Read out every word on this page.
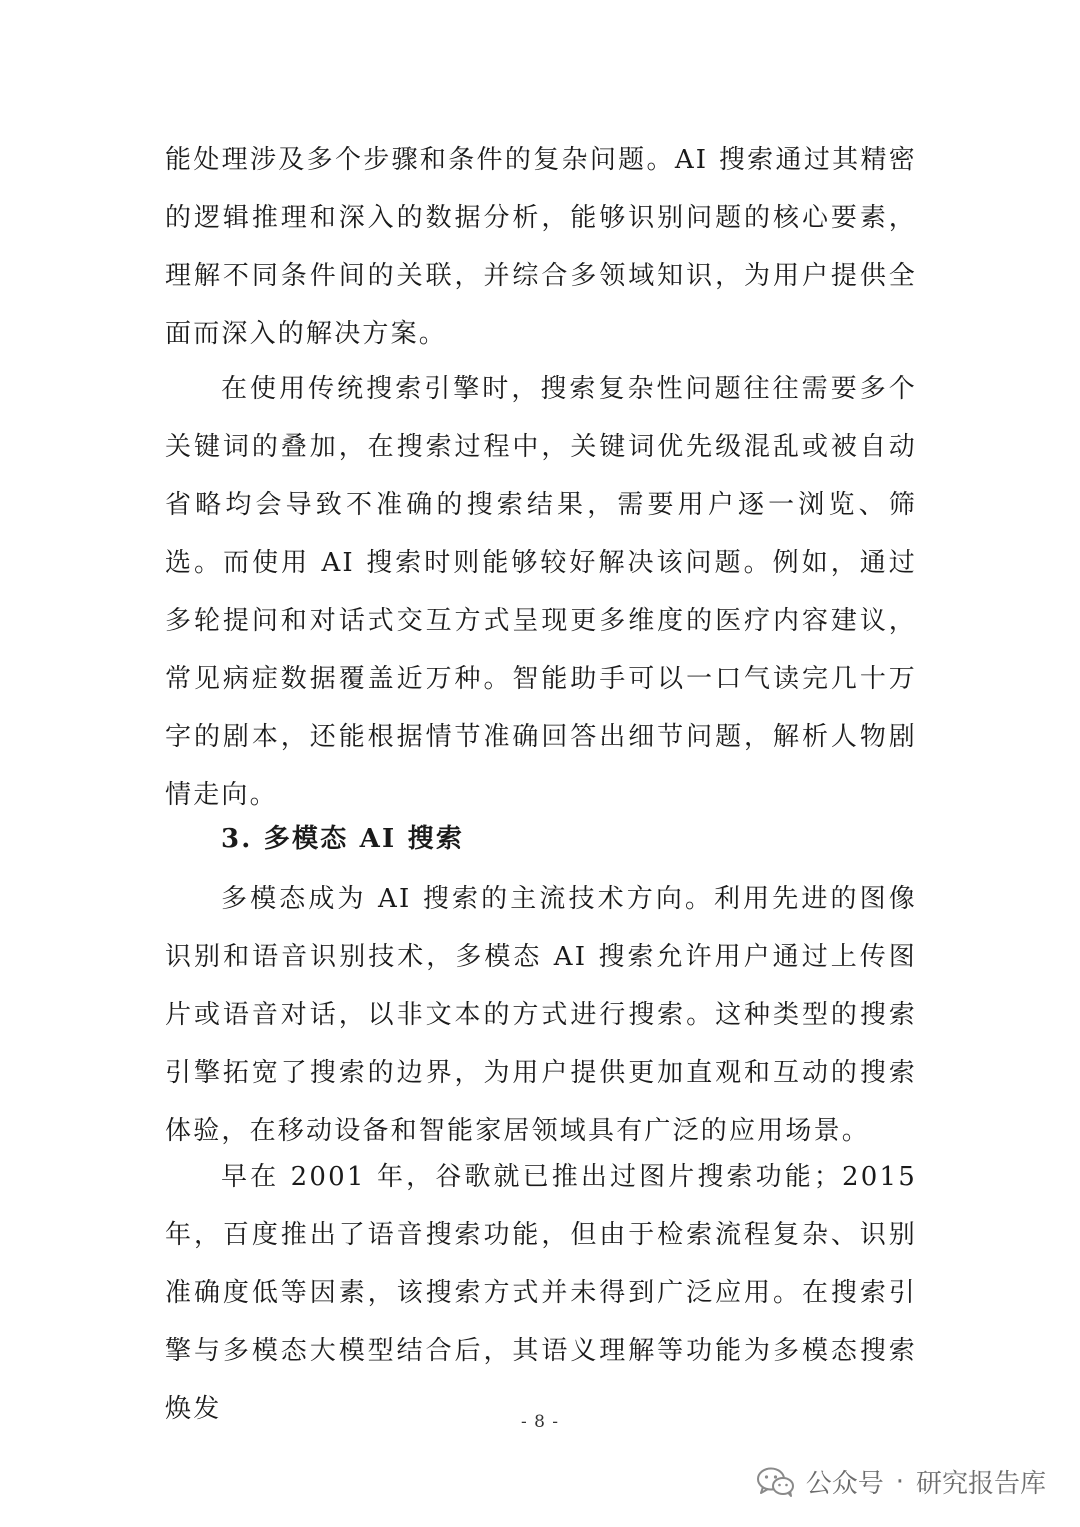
能处理涉及多个步骤和条件的复杂问题。AI 搜索通过其精密的逻辑推理和深入的数据分析，能够识别问题的核心要素，理解不同条件间的关联，并综合多领域知识，为用户提供全面而深入的解决方案。

在使用传统搜索引擎时，搜索复杂性问题往往需要多个关键词的叠加，在搜索过程中，关键词优先级混乱或被自动省略均会导致不准确的搜索结果，需要用户逐一浏览、筛选。而使用 AI 搜索时则能够较好解决该问题。例如，通过多轮提问和对话式交互方式呈现更多维度的医疗内容建议，常见病症数据覆盖近万种。智能助手可以一口气读完几十万字的剧本，还能根据情节准确回答出细节问题，解析人物剧情走向。

3. 多模态 AI 搜索

多模态成为 AI 搜索的主流技术方向。利用先进的图像识别和语音识别技术，多模态 AI 搜索允许用户通过上传图片或语音对话，以非文本的方式进行搜索。这种类型的搜索引擎拓宽了搜索的边界，为用户提供更加直观和互动的搜索体验，在移动设备和智能家居领域具有广泛的应用场景。

早在 2001 年，谷歌就已推出过图片搜索功能；2015 年，百度推出了语音搜索功能，但由于检索流程复杂、识别准确度低等因素，该搜索方式并未得到广泛应用。在搜索引擎与多模态大模型结合后，其语义理解等功能为多模态搜索焕发	- 8 -
公众号 · 研究报告库
